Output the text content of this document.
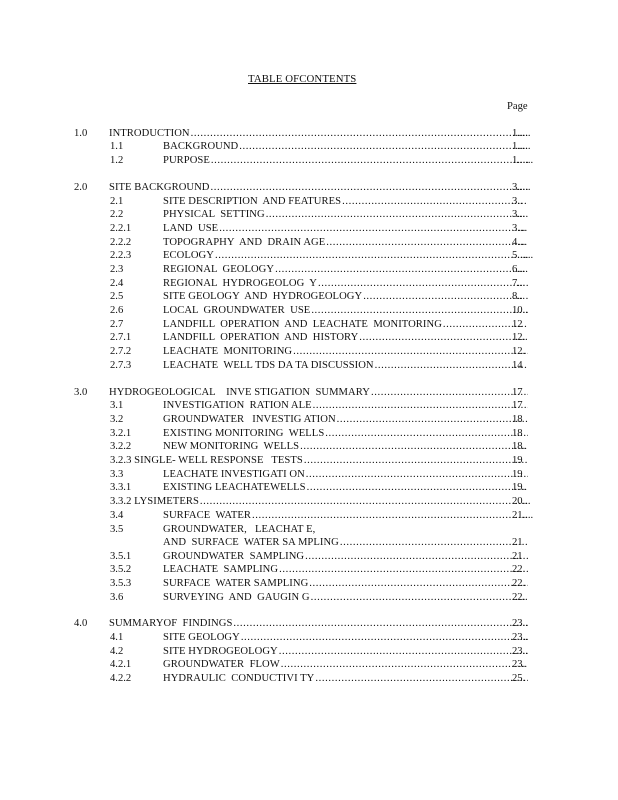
TABLE OFCONTENTS
Page
1.0 INTRODUCTION .....	1.....
1.1	BACKGROUND .....	1.....
1.2	PURPOSE .....	1......
2.0 SITE BACKGROUND .....	3.....
2.1	SITE DESCRIPTION  AND FEATURES .....	3..
2.2	PHYSICAL  SETTING .....	3...
2.2.1	LAND  USE .....	3...
2.2.2	TOPOGRAPHY  AND  DRAIN AGE .....	4...
2.2.3	ECOLOGY .....	5......
2.3	REGIONAL  GEOLOGY .....	6...
2.4	REGIONAL  HYDROGEOLOG  Y .....	7...
2.5	SITE GEOLOGY  AND  HYDROGEOLOGY .....	8..
2.6	LOCAL  GROUNDWATER  USE .....	10..
2.7	LANDFILL  OPERATION  AND  LEACHATE  MONITORING .....	12
2.7.1	LANDFILL  OPERATION  AND  HISTORY .....	12.
2.7.2	LEACHATE  MONITORING .....	12.
2.7.3	LEACHATE  WELL TDS DA TA DISCUSSION .....	14
3.0 HYDROGEOLOGICAL    INVE STIGATION  SUMMARY .....	17
3.1	INVESTIGATION  RATION ALE .....	17
3.2	GROUNDWATER   INVESTIG ATION .....	18
3.2.1	EXISTING MONITORING  WELLS .....	18
3.2.2	NEW MONITORING  WELLS .....	18.
3.2.3 SINGLE- WELL RESPONSE   TESTS .....	19
3.3	LEACHATE INVESTIGATI ON .....	19
3.3.1	EXISTING LEACHATEWELLS .....	19.
3.3.2 LYSIMETERS .....	20...
3.4	SURFACE  WATER .....	21....
3.5	GROUNDWATER,   LEACHAT E,
AND  SURFACE  WATER SA MPLING .....	21
3.5.1	GROUNDWATER  SAMPLING .....	21
3.5.2	LEACHATE  SAMPLING .....	22.
3.5.3	SURFACE  WATER SAMPLING .....	22.
3.6	SURVEYING  AND  GAUGIN G .....	22.
4.0 SUMMARYOF  FINDINGS .....	23..
4.1	SITE GEOLOGY .....	23..
4.2	SITE HYDROGEOLOGY .....	23..
4.2.1	GROUNDWATER  FLOW .....	23.
4.2.2	HYDRAULIC  CONDUCTIVI TY .....	25.
